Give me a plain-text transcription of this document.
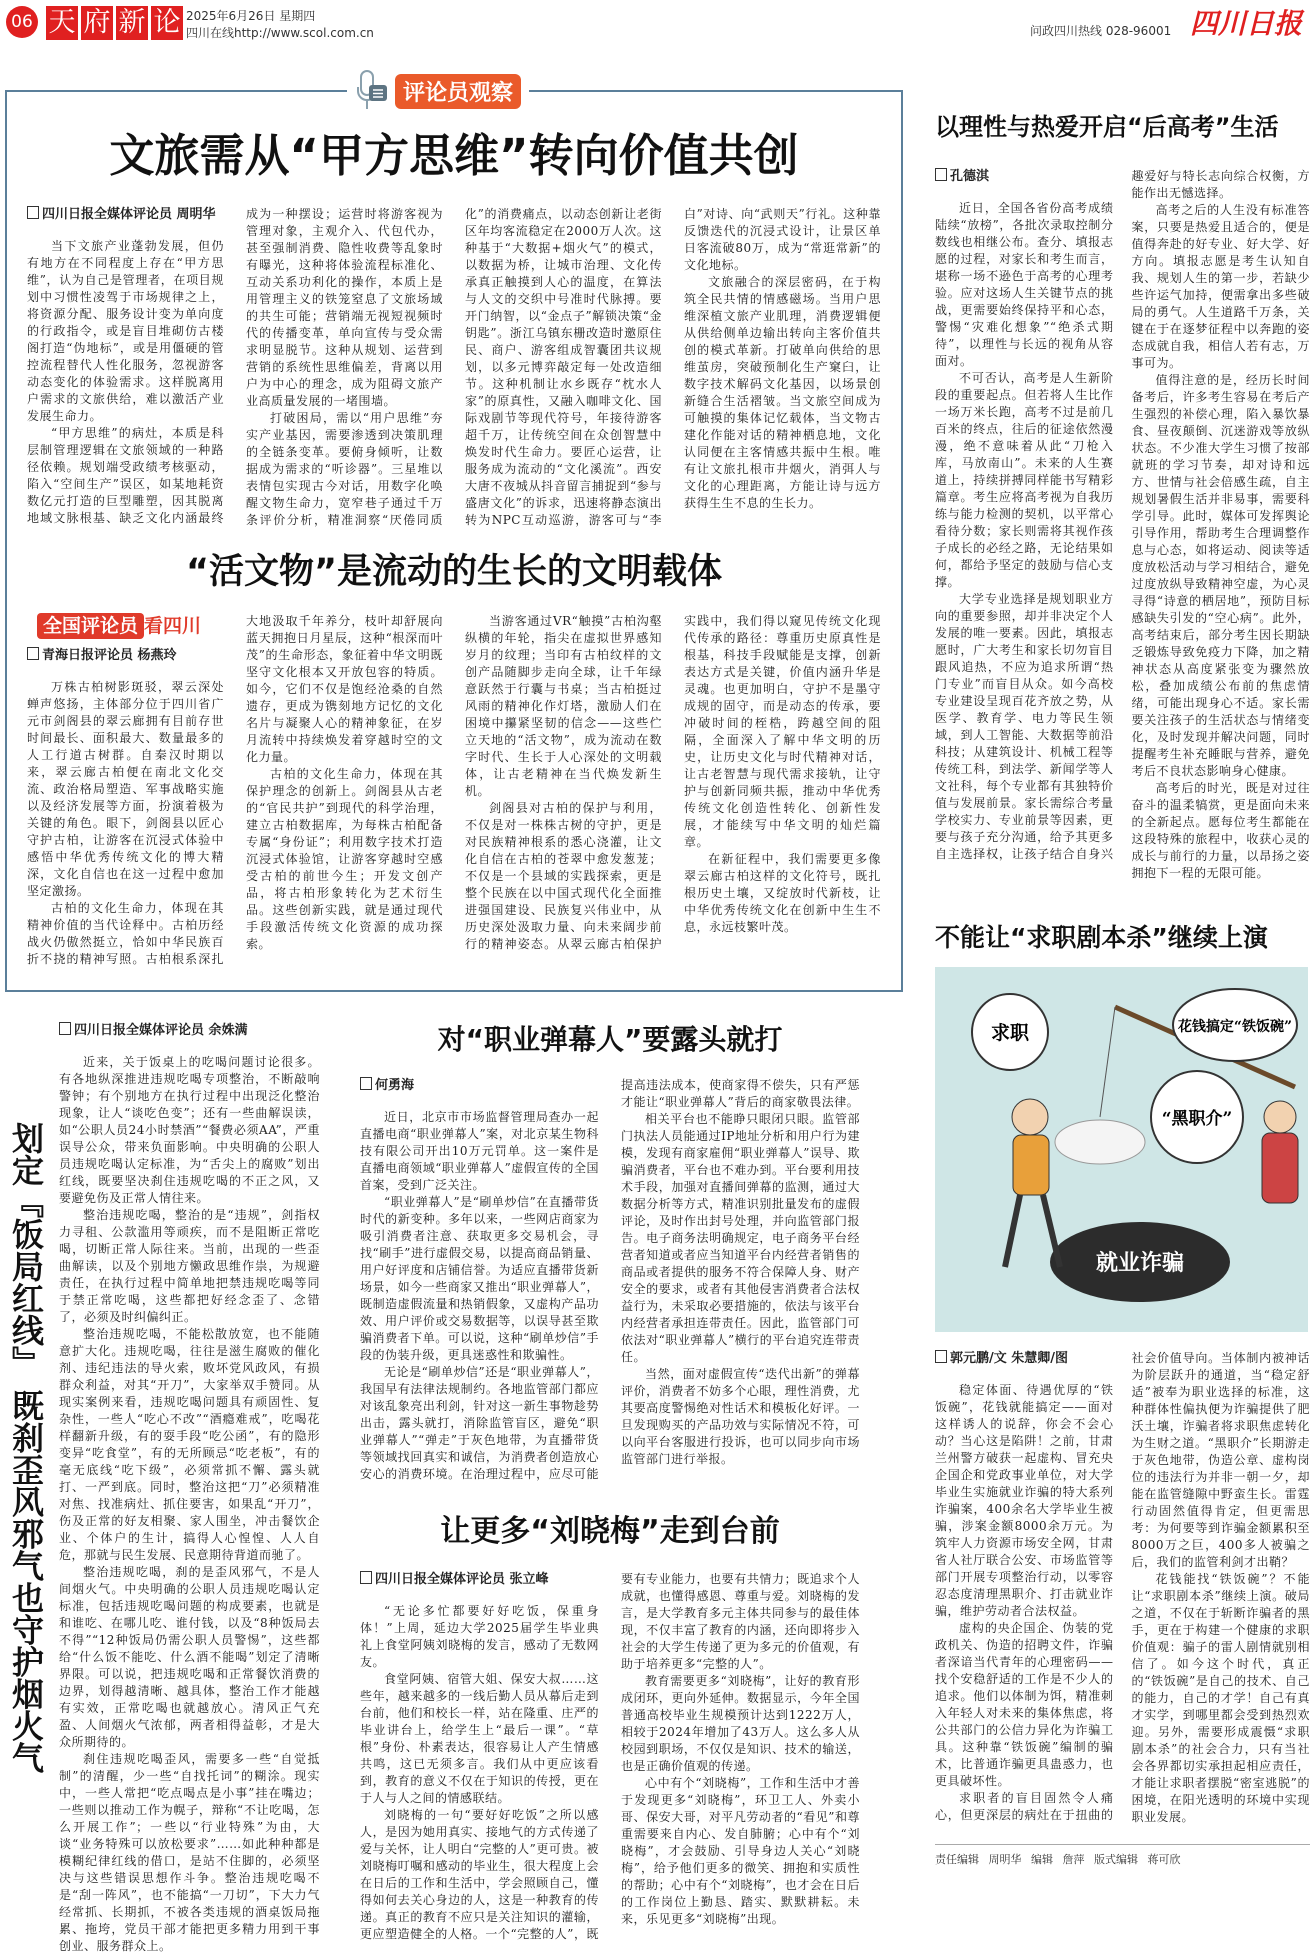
06 天 府 新 论 2025年6月26日 星期四
四川在线http://www.scol.com.cn	问政四川热线 028-96001 四川日报
评论员观察
文旅需从“甲方思维”转向价值共创
四川日报全媒体评论员 周明华

当下文旅产业蓬勃发展，但仍有地方在不同程度上存在“甲方思维”，认为自己是管理者，在项目规划中习惯性凌驾于市场规律之上，将资源分配、服务设计变为单向度的行政指令，或是盲目堆砌仿古楼阁打造“伪地标”，或是用僵硬的管控流程替代人性化服务，忽视游客动态变化的体验需求。这样脱离用户需求的文旅供给，难以激活产业发展生命力。

“甲方思维”的病灶，本质是科层制管理逻辑在文旅领域的一种路径依赖。规划端受政绩考核驱动，陷入“空间生产”误区，如某地耗资数亿元打造的巨型雕塑，因其脱离地域文脉根基、缺乏文化内涵最终成为一种摆设；运营时将游客视为管理对象，主观介入、代包代办，甚至强制消费、隐性收费等乱象时有曝光，这种将体验流程标准化、互动关系功利化的操作，本质上是用管理主义的铁笼窒息了文旅场域的共生可能；营销端无视短视频时代的传播变革，单向宣传与受众需求明显脱节。这种从规划、运营到营销的系统性思维偏差，背离以用户为中心的理念，成为阻碍文旅产业高质量发展的一堵围墙。

打破困局，需以“用户思维”夯实产业基因，需要渗透到决策肌理的全链条变革。要俯身倾听，让数据成为需求的“听诊器”。三星堆以表情包实现古今对话，用数字化唤醒文物生命力，宽窄巷子通过千万条评价分析，精准洞察“厌倦同质化”的消费痛点，以动态创新让老街区年均客流稳定在2000万人次。这种基于“大数据+烟火气”的模式，以数据为桥，让城市治理、文化传承真正触摸到人心的温度，在算法与人文的交织中号准时代脉搏。要开门纳智，以“金点子”解锁决策“金钥匙”。浙江乌镇东栅改造时邀原住民、商户、游客组成智囊团共议规划，以多元博弈敲定每一处改造细节。这种机制让水乡既存“枕水人家”的原真性，又融入咖啡文化、国际戏剧节等现代符号，年接待游客超千万，让传统空间在众创智慧中焕发时代生命力。要匠心运营，让服务成为流动的“文化溪流”。西安大唐不夜城从抖音留言捕捉到“参与盛唐文化”的诉求，迅速将静态演出转为NPC互动巡游，游客可与“李白”对诗、向“武则天”行礼。这种靠反馈迭代的沉浸式设计，让景区单日客流破80万，成为“常逛常新”的文化地标。

文旅融合的深层密码，在于构筑全民共情的情感磁场。当用户思维深植文旅产业肌理，消费逻辑便从供给侧单边输出转向主客价值共创的模式革新。打破单向供给的思维茧房，突破预制化生产窠臼，让数字技术解码文化基因，以场景创新缝合生活褶皱。当文旅空间成为可触摸的集体记忆载体，当文物古建化作能对话的精神栖息地，文化认同便在主客情感共振中生根。唯有让文旅扎根市井烟火，消弭人与文化的心理距离，方能让诗与远方获得生生不息的生长力。

“活文物”是流动的生长的文明载体
全国评论员 看四川
青海日报评论员 杨燕玲

万株古柏树影斑驳，翠云深处蝉声悠扬，主体部分位于四川省广元市剑阁县的翠云廊拥有目前存世时间最长、面积最大、数量最多的人工行道古树群。自秦汉时期以来，翠云廊古柏便在南北文化交流、政治格局塑造、军事战略实施以及经济发展等方面，扮演着极为关键的角色。眼下，剑阁县以匠心守护古柏，让游客在沉浸式体验中感悟中华优秀传统文化的博大精深，文化自信也在这一过程中愈加坚定激扬。

古柏的文化生命力，体现在其精神价值的当代诠释中。古柏历经战火仍傲然挺立，恰如中华民族百折不挠的精神写照。古柏根系深扎大地汲取千年养分，枝叶却舒展向蓝天拥抱日月星辰，这种“根深而叶茂”的生命形态，象征着中华文明既坚守文化根本又开放包容的特质。如今，它们不仅是饱经沧桑的自然遗存，更成为镌刻地方记忆的文化名片与凝聚人心的精神象征，在岁月流转中持续焕发着穿越时空的文化力量。

古柏的文化生命力，体现在其保护理念的创新上。剑阁县从古老的“官民共护”到现代的科学治理，建立古柏数据库，为每株古柏配备专属“身份证”；利用数字技术打造沉浸式体验馆，让游客穿越时空感受古柏的前世今生；开发文创产品，将古柏形象转化为艺术衍生品。这些创新实践，就是通过现代手段激活传统文化资源的成功探索。

当游客通过VR“触摸”古柏沟壑纵横的年轮，指尖在虚拟世界感知岁月的纹理；当印有古柏纹样的文创产品随脚步走向全球，让千年绿意跃然于行囊与书桌；当古柏挺过风雨的精神化作灯塔，激励人们在困境中攥紧坚韧的信念——这些伫立天地的“活文物”，成为流动在数字时代、生长于人心深处的文明载体，让古老精神在当代焕发新生机。

剑阁县对古柏的保护与利用，不仅是对一株株古树的守护，更是对民族精神根系的悉心浇灌，让文化自信在古柏的苍翠中愈发葱茏；不仅是一个县域的实践探索，更是整个民族在以中国式现代化全面推进强国建设、民族复兴伟业中，从历史深处汲取力量、向未来阔步前行的精神姿态。从翠云廊古柏保护实践中，我们得以窥见传统文化现代传承的路径：尊重历史原真性是根基，科技手段赋能是支撑，创新表达方式是关键，价值内涵升华是灵魂。也更加明白，守护不是墨守成规的固守，而是动态的传承，要冲破时间的桎梏，跨越空间的阻隔，全面深入了解中华文明的历史，让历史文化与时代精神对话，让古老智慧与现代需求接轨，让守护与创新同频共振，推动中华优秀传统文化创造性转化、创新性发展，才能续写中华文明的灿烂篇章。

在新征程中，我们需要更多像翠云廊古柏这样的文化符号，既扎根历史土壤，又绽放时代新枝，让中华优秀传统文化在创新中生生不息，永远枝繁叶茂。

划定『饭局红线』 既刹歪风邪气也守护烟火气
四川日报全媒体评论员 余姝满

近来，关于饭桌上的吃喝问题讨论很多。有各地纵深推进违规吃喝专项整治，不断敲响警钟；有个别地方在执行过程中出现泛化整治现象，让人“谈吃色变”；还有一些曲解误读，如“公职人员24小时禁酒”“餐费必须AA”，严重误导公众，带来负面影响。中央明确的公职人员违规吃喝认定标准，为“舌尖上的腐败”划出红线，既要坚决刹住违规吃喝的不正之风，又要避免伤及正常人情往来。

整治违规吃喝，整治的是“违规”，剑指权力寻租、公款滥用等顽疾，而不是阻断正常吃喝，切断正常人际往来。当前，出现的一些歪曲解读，以及个别地方懒政思维作祟，为规避责任，在执行过程中简单地把禁违规吃喝等同于禁正常吃喝，这些都把好经念歪了、念错了，必须及时纠偏纠正。

整治违规吃喝，不能松散放宽，也不能随意扩大化。违规吃喝，往往是滋生腐败的催化剂、违纪违法的导火索，败坏党风政风，有损群众利益，对其“开刀”，大家举双手赞同。从现实案例来看，违规吃喝问题具有顽固性、复杂性，一些人“吃心不改”“酒瘾难戒”，吃喝花样翻新升级，有的耍手段“吃公函”，有的隐形变异“吃食堂”，有的无所顾忌“吃老板”，有的毫无底线“吃下级”，必须常抓不懈、露头就打、一严到底。同时，整治这把“刀”必须精准对焦、找准病灶、抓住要害，如果乱“开刀”，伤及正常的好友相聚、家人围坐，冲击餐饮企业、个体户的生计，搞得人心惶惶、人人自危，那就与民生发展、民意期待背道而驰了。

整治违规吃喝，刹的是歪风邪气，不是人间烟火气。中央明确的公职人员违规吃喝认定标准，包括违规吃喝问题的构成要素，也就是和谁吃、在哪儿吃、谁付钱，以及“8种饭局去不得”“12种饭局仍需公职人员警惕”，这些都给“什么饭不能吃、什么酒不能喝”划定了清晰界限。可以说，把违规吃喝和正常餐饮消费的边界，划得越清晰、越具体，整治工作才能越有实效，正常吃喝也就越放心。清风正气充盈、人间烟火气浓郁，两者相得益彰，才是大众所期待的。

刹住违规吃喝歪风，需要多一些“自觉抵制”的清醒，少一些“自找托词”的糊涂。现实中，一些人常把“吃点喝点是小事”挂在嘴边；一些则以推动工作为幌子，辩称“不让吃喝，怎么开展工作”；一些以“行业特殊”为由，大谈“业务特殊可以放松要求”……如此种种都是模糊纪律红线的借口，是站不住脚的，必须坚决与这些错误思想作斗争。整治违规吃喝不是“刮一阵风”，也不能搞“一刀切”，下大力气经常抓、长期抓，不被各类违规的酒桌饭局拖累、拖垮，党员干部才能把更多精力用到干事创业、服务群众上。

对“职业弹幕人”要露头就打
何勇海

近日，北京市市场监督管理局查办一起直播电商“职业弹幕人”案，对北京某生物科技有限公司开出10万元罚单。这一案件是直播电商领域“职业弹幕人”虚假宣传的全国首案，受到广泛关注。

“职业弹幕人”是“刷单炒信”在直播带货时代的新变种。多年以来，一些网店商家为吸引消费者注意、获取更多交易机会，寻找“刷手”进行虚假交易，以提高商品销量、用户好评度和店铺信誉。为适应直播带货新场景，如今一些商家又推出“职业弹幕人”，既制造虚假流量和热销假象，又虚构产品功效、用户评价或交易数据等，以误导甚至欺骗消费者下单。可以说，这种“刷单炒信”手段的伪装升级，更具迷惑性和欺骗性。

无论是“刷单炒信”还是“职业弹幕人”，我国早有法律法规制约。各地监管部门都应对该乱象亮出利剑，针对这一新生事物趁势出击，露头就打，消除监管盲区，避免“职业弹幕人”“弹走”于灰色地带，为直播带货等领域找回真实和诚信，为消费者创造放心安心的消费环境。在治理过程中，应尽可能提高违法成本，使商家得不偿失，只有严惩才能让“职业弹幕人”背后的商家敬畏法律。

相关平台也不能睁只眼闭只眼。监管部门执法人员能通过IP地址分析和用户行为建模，发现有商家雇佣“职业弹幕人”误导、欺骗消费者，平台也不难办到。平台要利用技术手段，加强对直播间弹幕的监测，通过大数据分析等方式，精准识别批量发布的虚假评论，及时作出封号处理，并向监管部门报告。电子商务法明确规定，电子商务平台经营者知道或者应当知道平台内经营者销售的商品或者提供的服务不符合保障人身、财产安全的要求，或者有其他侵害消费者合法权益行为，未采取必要措施的，依法与该平台内经营者承担连带责任。因此，监管部门可依法对“职业弹幕人”横行的平台追究连带责任。

当然，面对虚假宣传“迭代出新”的弹幕评价，消费者不妨多个心眼，理性消费，尤其要高度警惕绝对性话术和模板化好评。一旦发现购买的产品功效与实际情况不符，可以向平台客服进行投诉，也可以同步向市场监管部门进行举报。

让更多“刘晓梅”走到台前
四川日报全媒体评论员 张立峰

“无论多忙都要好好吃饭，保重身体！”上周，延边大学2025届学生毕业典礼上食堂阿姨刘晓梅的发言，感动了无数网友。

食堂阿姨、宿管大姐、保安大叔……这些年，越来越多的一线后勤人员从幕后走到台前，他们和校长一样，站在隆重、庄严的毕业讲台上，给学生上“最后一课”。“草根”身份、朴素表达，很容易让人产生情感共鸣，这已无须多言。我们从中更应该看到，教育的意义不仅在于知识的传授，更在于人与人之间的情感联结。

刘晓梅的一句“要好好吃饭”之所以感人，是因为她用真实、接地气的方式传递了爱与关怀，让人明白“完整的人”更可贵。被刘晓梅叮嘱和感动的毕业生，很大程度上会在日后的工作和生活中，学会照顾自己，懂得如何去关心身边的人，这是一种教育的传递。真正的教育不应只是关注知识的灌输，更应塑造健全的人格。一个“完整的人”，既要有专业能力，也要有共情力；既追求个人成就，也懂得感恩、尊重与爱。刘晓梅的发言，是大学教育多元主体共同参与的最佳体现，不仅丰富了教育的内涵，还向即将步入社会的大学生传递了更为多元的价值观，有助于培养更多“完整的人”。

教育需要更多“刘晓梅”，让好的教育形成闭环，更向外延伸。数据显示，今年全国普通高校毕业生规模预计达到1222万人，相较于2024年增加了43万人。这么多人从校园到职场，不仅仅是知识、技术的输送，也是正确价值观的传递。

心中有个“刘晓梅”，工作和生活中才善于发现更多“刘晓梅”，环卫工人、外卖小哥、保安大哥，对平凡劳动者的“看见”和尊重需要来自内心、发自肺腑；心中有个“刘晓梅”，才会鼓励、引导身边人关心“刘晓梅”，给予他们更多的微笑、拥抱和实质性的帮助；心中有个“刘晓梅”，也才会在日后的工作岗位上勤恳、踏实、默默耕耘。未来，乐见更多“刘晓梅”出现。

以理性与热爱开启“后高考”生活
孔德淇

近日，全国各省份高考成绩陆续“放榜”，各批次录取控制分数线也相继公布。查分、填报志愿的过程，对家长和考生而言，堪称一场不逊色于高考的心理考验。应对这场人生关键节点的挑战，更需要始终保持平和心态，警惕“灾难化想象”“绝杀式期待”，以理性与长远的视角从容面对。

不可否认，高考是人生新阶段的重要起点。但若将人生比作一场万米长跑，高考不过是前几百米的终点，往后的征途依然漫漫，绝不意味着从此“刀枪入库，马放南山”。未来的人生赛道上，持续拼搏同样能书写精彩篇章。考生应将高考视为自我历练与能力检测的契机，以平常心看待分数；家长则需将其视作孩子成长的必经之路，无论结果如何，都给予坚定的鼓励与信心支撑。

大学专业选择是规划职业方向的重要参照，却并非决定个人发展的唯一要素。因此，填报志愿时，广大考生和家长切勿盲目跟风追热，不应为追求所谓“热门专业”而盲目从众。如今高校专业建设呈现百花齐放之势，从医学、教育学、电力等民生领域，到人工智能、大数据等前沿科技；从建筑设计、机械工程等传统工科，到法学、新闻学等人文社科，每个专业都有其独特价值与发展前景。家长需综合考量学校实力、专业前景等因素，更要与孩子充分沟通，给予其更多自主选择权，让孩子结合自身兴趣爱好与特长志向综合权衡，方能作出无憾选择。

高考之后的人生没有标准答案，只要是热爱且适合的，便是值得奔赴的好专业、好大学、好方向。填报志愿是考生认知自我、规划人生的第一步，若缺少些许运气加持，便需拿出多些破局的勇气。人生道路千万条，关键在于在逐梦征程中以奔跑的姿态成就自我，相信人若有志，万事可为。

值得注意的是，经历长时间备考后，许多考生容易在考后产生强烈的补偿心理，陷入暴饮暴食、昼夜颠倒、沉迷游戏等放纵状态。不少准大学生习惯了按部就班的学习节奏，却对诗和远方、世情与社会倍感生疏，自主规划暑假生活并非易事，需要科学引导。此时，媒体可发挥舆论引导作用，帮助考生合理调整作息与心态，如将运动、阅读等适度放松活动与学习相结合，避免过度放纵导致精神空虚，为心灵寻得“诗意的栖居地”，预防目标感缺失引发的“空心病”。此外，高考结束后，部分考生因长期缺乏锻炼导致免疫力下降，加之精神状态从高度紧张变为骤然放松，叠加成绩公布前的焦虑情绪，可能出现身心不适。家长需要关注孩子的生活状态与情绪变化，及时发现并解决问题，同时提醒考生补充睡眠与营养，避免考后不良状态影响身心健康。

高考后的时光，既是对过往奋斗的温柔犒赏，更是面向未来的全新起点。愿每位考生都能在这段特殊的旅程中，收获心灵的成长与前行的力量，以昂扬之姿拥抱下一程的无限可能。

不能让“求职剧本杀”继续上演
求职	花钱搞定“铁饭碗”
“黑职介”
就业诈骗
郭元鹏/文 朱慧卿/图

稳定体面、待遇优厚的“铁饭碗”，花钱就能搞定——面对这样诱人的说辞，你会不会心动？当心这是陷阱！之前，甘肃兰州警方破获一起虚构、冒充央企国企和党政事业单位，对大学毕业生实施就业诈骗的特大系列诈骗案，400余名大学毕业生被骗，涉案金额8000余万元。为筑牢人力资源市场安全网，甘肃省人社厅联合公安、市场监管等部门开展专项整治行动，以零容忍态度清理黑职介、打击就业诈骗，维护劳动者合法权益。

虚构的央企国企、伪装的党政机关、伪造的招聘文件，诈骗者深谙当代青年的心理密码——找个安稳舒适的工作是不少人的追求。他们以体制为饵，精准刺入年轻人对未来的集体焦虑，将公共部门的公信力异化为诈骗工具。这种靠“铁饭碗”编制的骗术，比普通诈骗更具蛊惑力，也更具破坏性。

求职者的盲目固然令人痛心，但更深层的病灶在于扭曲的社会价值导向。当体制内被神话为阶层跃升的通道，当“稳定舒适”被奉为职业选择的标准，这种群体性偏执便为诈骗提供了肥沃土壤，诈骗者将求职焦虑转化为生财之道。“黑职介”长期游走于灰色地带，伪造公章、虚构岗位的违法行为并非一朝一夕，却能在监管缝隙中野蛮生长。雷霆行动固然值得肯定，但更需思考：为何要等到诈骗金额累积至8000万之巨，400多人被骗之后，我们的监管利剑才出鞘？

花钱能找“铁饭碗”？不能让“求职剧本杀”继续上演。破局之道，不仅在于斩断诈骗者的黑手，更在于构建一个健康的求职价值观：骗子的雷人剧情就别相信了。如今这个时代，真正的“铁饭碗”是自己的技术、自己的能力，自己的才学！自己有真才实学，到哪里都会受到热烈欢迎。另外，需要形成震慑“求职剧本杀”的社会合力，只有当社会各界都切实承担起相应责任，才能让求职者摆脱“密室逃脱”的困境，在阳光透明的环境中实现职业发展。

责任编辑 周明华 编辑 詹萍 版式编辑 蒋可欣
